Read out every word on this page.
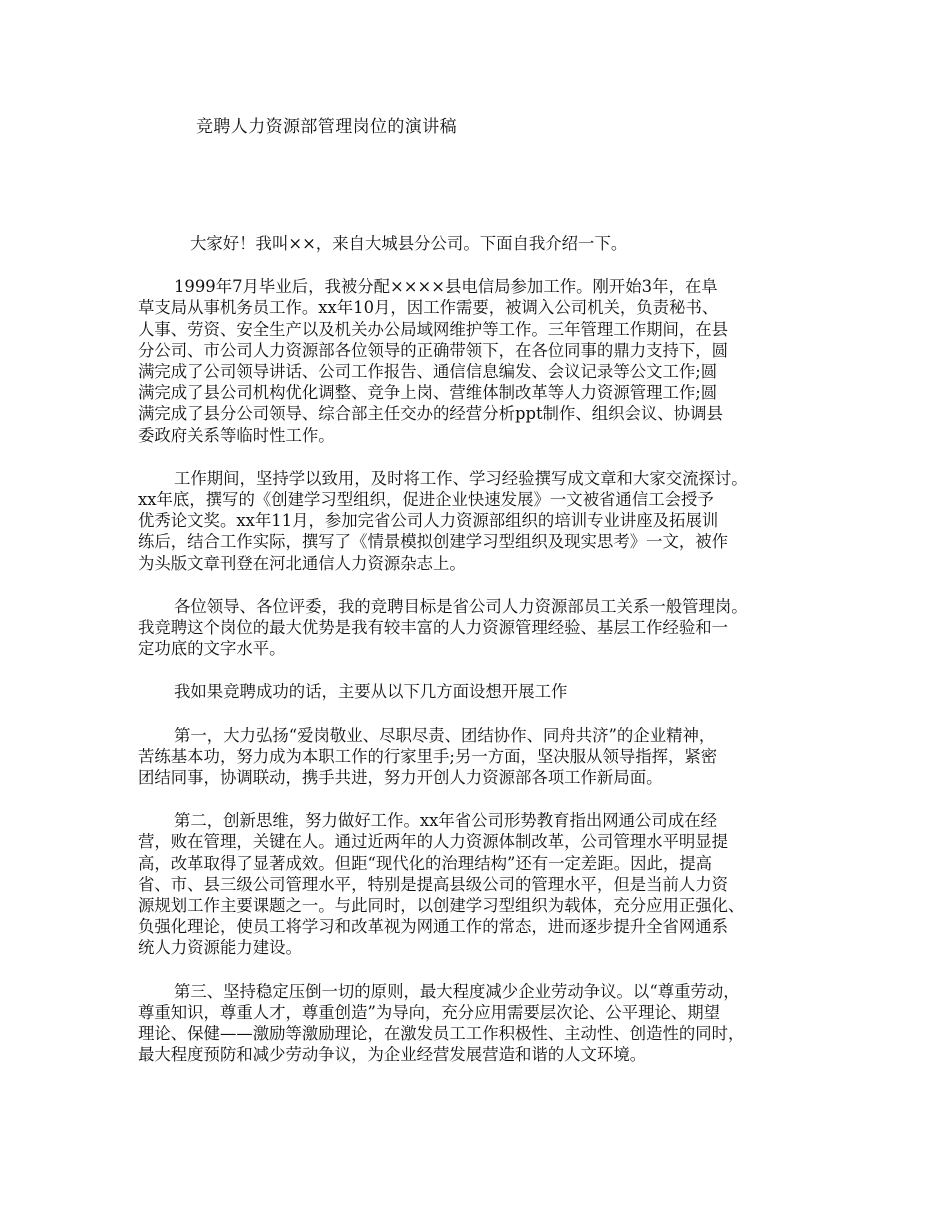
竞聘人力资源部管理岗位的演讲稿

大家好！我叫××，来自大城县分公司。下面自我介绍一下。

1999年7月毕业后，我被分配××××县电信局参加工作。刚开始3年，在阜
草支局从事机务员工作。xx年10月，因工作需要，被调入公司机关，负责秘书、
人事、劳资、安全生产以及机关办公局域网维护等工作。三年管理工作期间，在县
分公司、市公司人力资源部各位领导的正确带领下，在各位同事的鼎力支持下，圆
满完成了公司领导讲话、公司工作报告、通信信息编发、会议记录等公文工作;圆
满完成了县公司机构优化调整、竞争上岗、营维体制改革等人力资源管理工作;圆
满完成了县分公司领导、综合部主任交办的经营分析ppt制作、组织会议、协调县
委政府关系等临时性工作。

工作期间，坚持学以致用，及时将工作、学习经验撰写成文章和大家交流探讨。
xx年底，撰写的《创建学习型组织，促进企业快速发展》一文被省通信工会授予
优秀论文奖。xx年11月，参加完省公司人力资源部组织的培训专业讲座及拓展训
练后，结合工作实际，撰写了《情景模拟创建学习型组织及现实思考》一文，被作
为头版文章刊登在河北通信人力资源杂志上。

各位领导、各位评委，我的竞聘目标是省公司人力资源部员工关系一般管理岗。
我竞聘这个岗位的最大优势是我有较丰富的人力资源管理经验、基层工作经验和一
定功底的文字水平。

我如果竞聘成功的话，主要从以下几方面设想开展工作

第一，大力弘扬“爱岗敬业、尽职尽责、团结协作、同舟共济”的企业精神，
苦练基本功，努力成为本职工作的行家里手;另一方面，坚决服从领导指挥，紧密
团结同事，协调联动，携手共进，努力开创人力资源部各项工作新局面。

第二，创新思维，努力做好工作。xx年省公司形势教育指出网通公司成在经
营，败在管理，关键在人。通过近两年的人力资源体制改革，公司管理水平明显提
高，改革取得了显著成效。但距“现代化的治理结构”还有一定差距。因此，提高
省、市、县三级公司管理水平，特别是提高县级公司的管理水平，但是当前人力资
源规划工作主要课题之一。与此同时，以创建学习型组织为载体，充分应用正强化、
负强化理论，使员工将学习和改革视为网通工作的常态，进而逐步提升全省网通系
统人力资源能力建设。

第三、坚持稳定压倒一切的原则，最大程度减少企业劳动争议。以“尊重劳动，
尊重知识，尊重人才，尊重创造”为导向，充分应用需要层次论、公平理论、期望
理论、保健——激励等激励理论，在激发员工工作积极性、主动性、创造性的同时，
最大程度预防和减少劳动争议，为企业经营发展营造和谐的人文环境。
